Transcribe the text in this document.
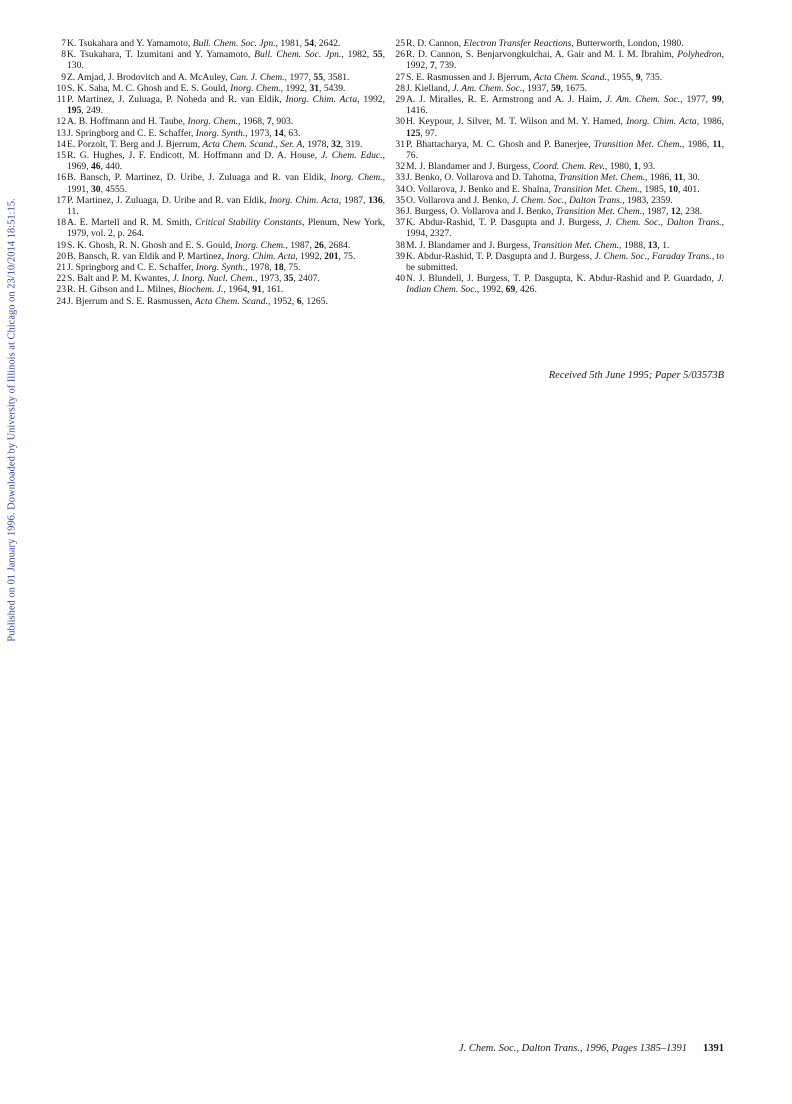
Published on 01 January 1996. Downloaded by University of Illinois at Chicago on 23/10/2014 18:51:15.

7 K. Tsukahara and Y. Yamamoto, Bull. Chem. Soc. Jpn., 1981, 54, 2642.

8 K. Tsukahara, T. Izumitani and Y. Yamamoto, Bull. Chem. Soc. Jpn., 1982, 55, 130.

9 Z. Amjad, J. Brodovitch and A. McAuley, Can. J. Chem., 1977, 55, 3581.

10 S. K. Saha, M. C. Ghosh and E. S. Gould, Inorg. Chem., 1992, 31, 5439.

11 P. Martinez, J. Zuluaga, P. Noheda and R. van Eldik, Inorg. Chim. Acta, 1992, 195, 249.

12 A. B. Hoffmann and H. Taube, Inorg. Chem., 1968, 7, 903.

13 J. Springborg and C. E. Schaffer, Inorg. Synth., 1973, 14, 63.

14 E. Porzolt, T. Berg and J. Bjerrum, Acta Chem. Scand., Ser. A, 1978, 32, 319.

15 R. G. Hughes, J. F. Endicott, M. Hoffmann and D. A. House, J. Chem. Educ., 1969, 46, 440.

16 B. Bansch, P. Martinez, D. Uribe, J. Zuluaga and R. van Eldik, Inorg. Chem., 1991, 30, 4555.

17 P. Martinez, J. Zuluaga, D. Uribe and R. van Eldik, Inorg. Chim. Acta, 1987, 136, 11.

18 A. E. Martell and R. M. Smith, Critical Stability Constants, Plenum, New York, 1979, vol. 2, p. 264.

19 S. K. Ghosh, R. N. Ghosh and E. S. Gould, Inorg. Chem., 1987, 26, 2684.

20 B. Bansch, R. van Eldik and P. Martinez, Inorg. Chim. Acta, 1992, 201, 75.

21 J. Springborg and C. E. Schaffer, Inorg. Synth., 1978, 18, 75.

22 S. Balt and P. M. Kwantes, J. Inorg. Nucl. Chem., 1973, 35, 2407.

23 R. H. Gibson and L. Milnes, Biochem. J., 1964, 91, 161.

24 J. Bjerrum and S. E. Rasmussen, Acta Chem. Scand., 1952, 6, 1265.

25 R. D. Cannon, Electron Transfer Reactions, Butterworth, London, 1980.

26 R. D. Cannon, S. Benjarvongkulchai, A. Gair and M. I. M. Ibrahim, Polyhedron, 1992, 7, 739.

27 S. E. Rasmussen and J. Bjerrum, Acta Chem. Scand., 1955, 9, 735.

28 J. Kielland, J. Am. Chem. Soc., 1937, 59, 1675.

29 A. J. Miralles, R. E. Armstrong and A. J. Haim, J. Am. Chem. Soc., 1977, 99, 1416.

30 H. Keypour, J. Silver, M. T. Wilson and M. Y. Hamed, Inorg. Chim. Acta, 1986, 125, 97.

31 P. Bhattacharya, M. C. Ghosh and P. Banerjee, Transition Met. Chem., 1986, 11, 76.

32 M. J. Blandamer and J. Burgess, Coord. Chem. Rev., 1980, 1, 93.

33 J. Benko, O. Vollarova and D. Tahotna, Transition Met. Chem., 1986, 11, 30.

34 O. Vollarova, J. Benko and E. Shalna, Transition Met. Chem., 1985, 10, 401.

35 O. Vollarova and J. Benko, J. Chem. Soc., Dalton Trans., 1983, 2359.

36 J. Burgess, O. Vollarova and J. Benko, Transition Met. Chem., 1987, 12, 238.

37 K. Abdur-Rashid, T. P. Dasgupta and J. Burgess, J. Chem. Soc., Dalton Trans., 1994, 2327.

38 M. J. Blandamer and J. Burgess, Transition Met. Chem., 1988, 13, 1.

39 K. Abdur-Rashid, T. P. Dasgupta and J. Burgess, J. Chem. Soc., Faraday Trans., to be submitted.

40 N. J. Blundell, J. Burgess, T. P. Dasgupta, K. Abdur-Rashid and P. Guardado, J. Indian Chem. Soc., 1992, 69, 426.

Received 5th June 1995; Paper 5/03573B
J. Chem. Soc., Dalton Trans., 1996, Pages 1385–1391 1391
